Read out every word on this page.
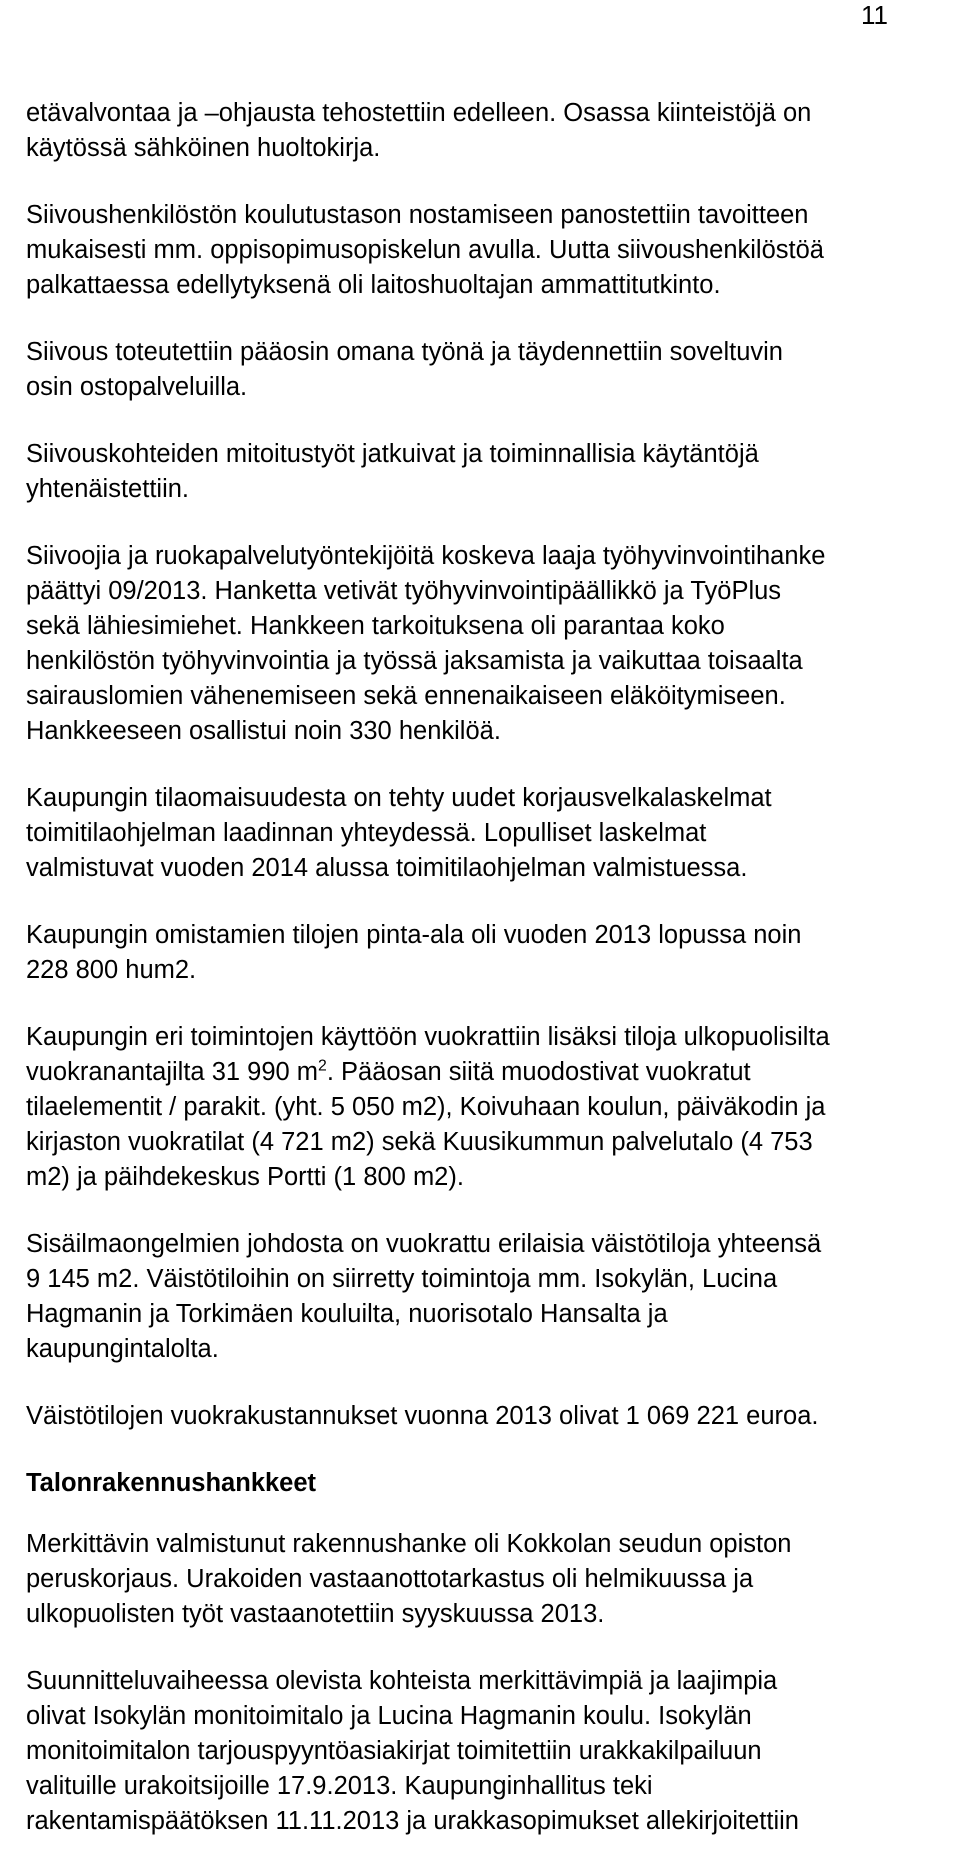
11

etävalvontaa ja –ohjausta tehostettiin edelleen. Osassa kiinteistöjä on
käytössä sähköinen huoltokirja.

Siivoushenkilöstön koulutustason nostamiseen panostettiin tavoitteen
mukaisesti mm. oppisopimusopiskelun avulla. Uutta siivoushenkilöstöä
palkattaessa edellytyksenä oli laitoshuoltajan ammattitutkinto.

Siivous toteutettiin pääosin omana työnä ja täydennettiin soveltuvin
osin ostopalveluilla.

Siivouskohteiden mitoitustyöt jatkuivat ja toiminnallisia käytäntöjä
yhtenäistettiin.

Siivoojia ja ruokapalvelutyöntekijöitä koskeva laaja työhyvinvointihanke
päättyi 09/2013. Hanketta vetivät työhyvinvointipäällikkö ja TyöPlus
sekä lähiesimiehet. Hankkeen tarkoituksena oli parantaa koko
henkilöstön työhyvinvointia ja työssä jaksamista ja vaikuttaa toisaalta
sairauslomien vähenemiseen sekä ennenaikaiseen eläköitymiseen.
Hankkeeseen osallistui noin 330 henkilöä.

Kaupungin tilaomaisuudesta on tehty uudet korjausvelkalaskelmat
toimitilaohjelman laadinnan yhteydessä. Lopulliset laskelmat
valmistuvat vuoden 2014 alussa toimitilaohjelman valmistuessa.

Kaupungin omistamien tilojen pinta-ala oli vuoden 2013 lopussa noin
228 800 hum2.

Kaupungin eri toimintojen käyttöön vuokrattiin lisäksi tiloja ulkopuolisilta
vuokranantajilta 31 990 $m^2$. Pääosan siitä muodostivat vuokratut
tilaelementit / parakit. (yht. 5 050 m2), Koivuhaan koulun, päiväkodin ja
kirjaston vuokratilat (4 721 m2) sekä Kuusikummun palvelutalo (4 753
m2) ja päihdekeskus Portti (1 800 m2).

Sisäilmaongelmien johdosta on vuokrattu erilaisia väistötiloja yhteensä
9 145 m2. Väistötiloihin on siirretty toimintoja mm. Isokylän, Lucina
Hagmanin ja Torkimäen kouluilta, nuorisotalo Hansalta ja
kaupungintalolta.

Väistötilojen vuokrakustannukset vuonna 2013 olivat 1 069 221 euroa.

Talonrakennushankkeet

Merkittävin valmistunut rakennushanke oli Kokkolan seudun opiston
peruskorjaus. Urakoiden vastaanottotarkastus oli helmikuussa ja
ulkopuolisten työt vastaanotettiin syyskuussa 2013.

Suunnitteluvaiheessa olevista kohteista merkittävimpiä ja laajimpia
olivat Isokylän monitoimitalo ja Lucina Hagmanin koulu. Isokylän
monitoimitalon tarjouspyyntöasiakirjat toimitettiin urakkakilpailuun
valituille urakoitsijoille 17.9.2013. Kaupunginhallitus teki
rakentamispäätöksen 11.11.2013 ja urakkasopimukset allekirjoitettiin
